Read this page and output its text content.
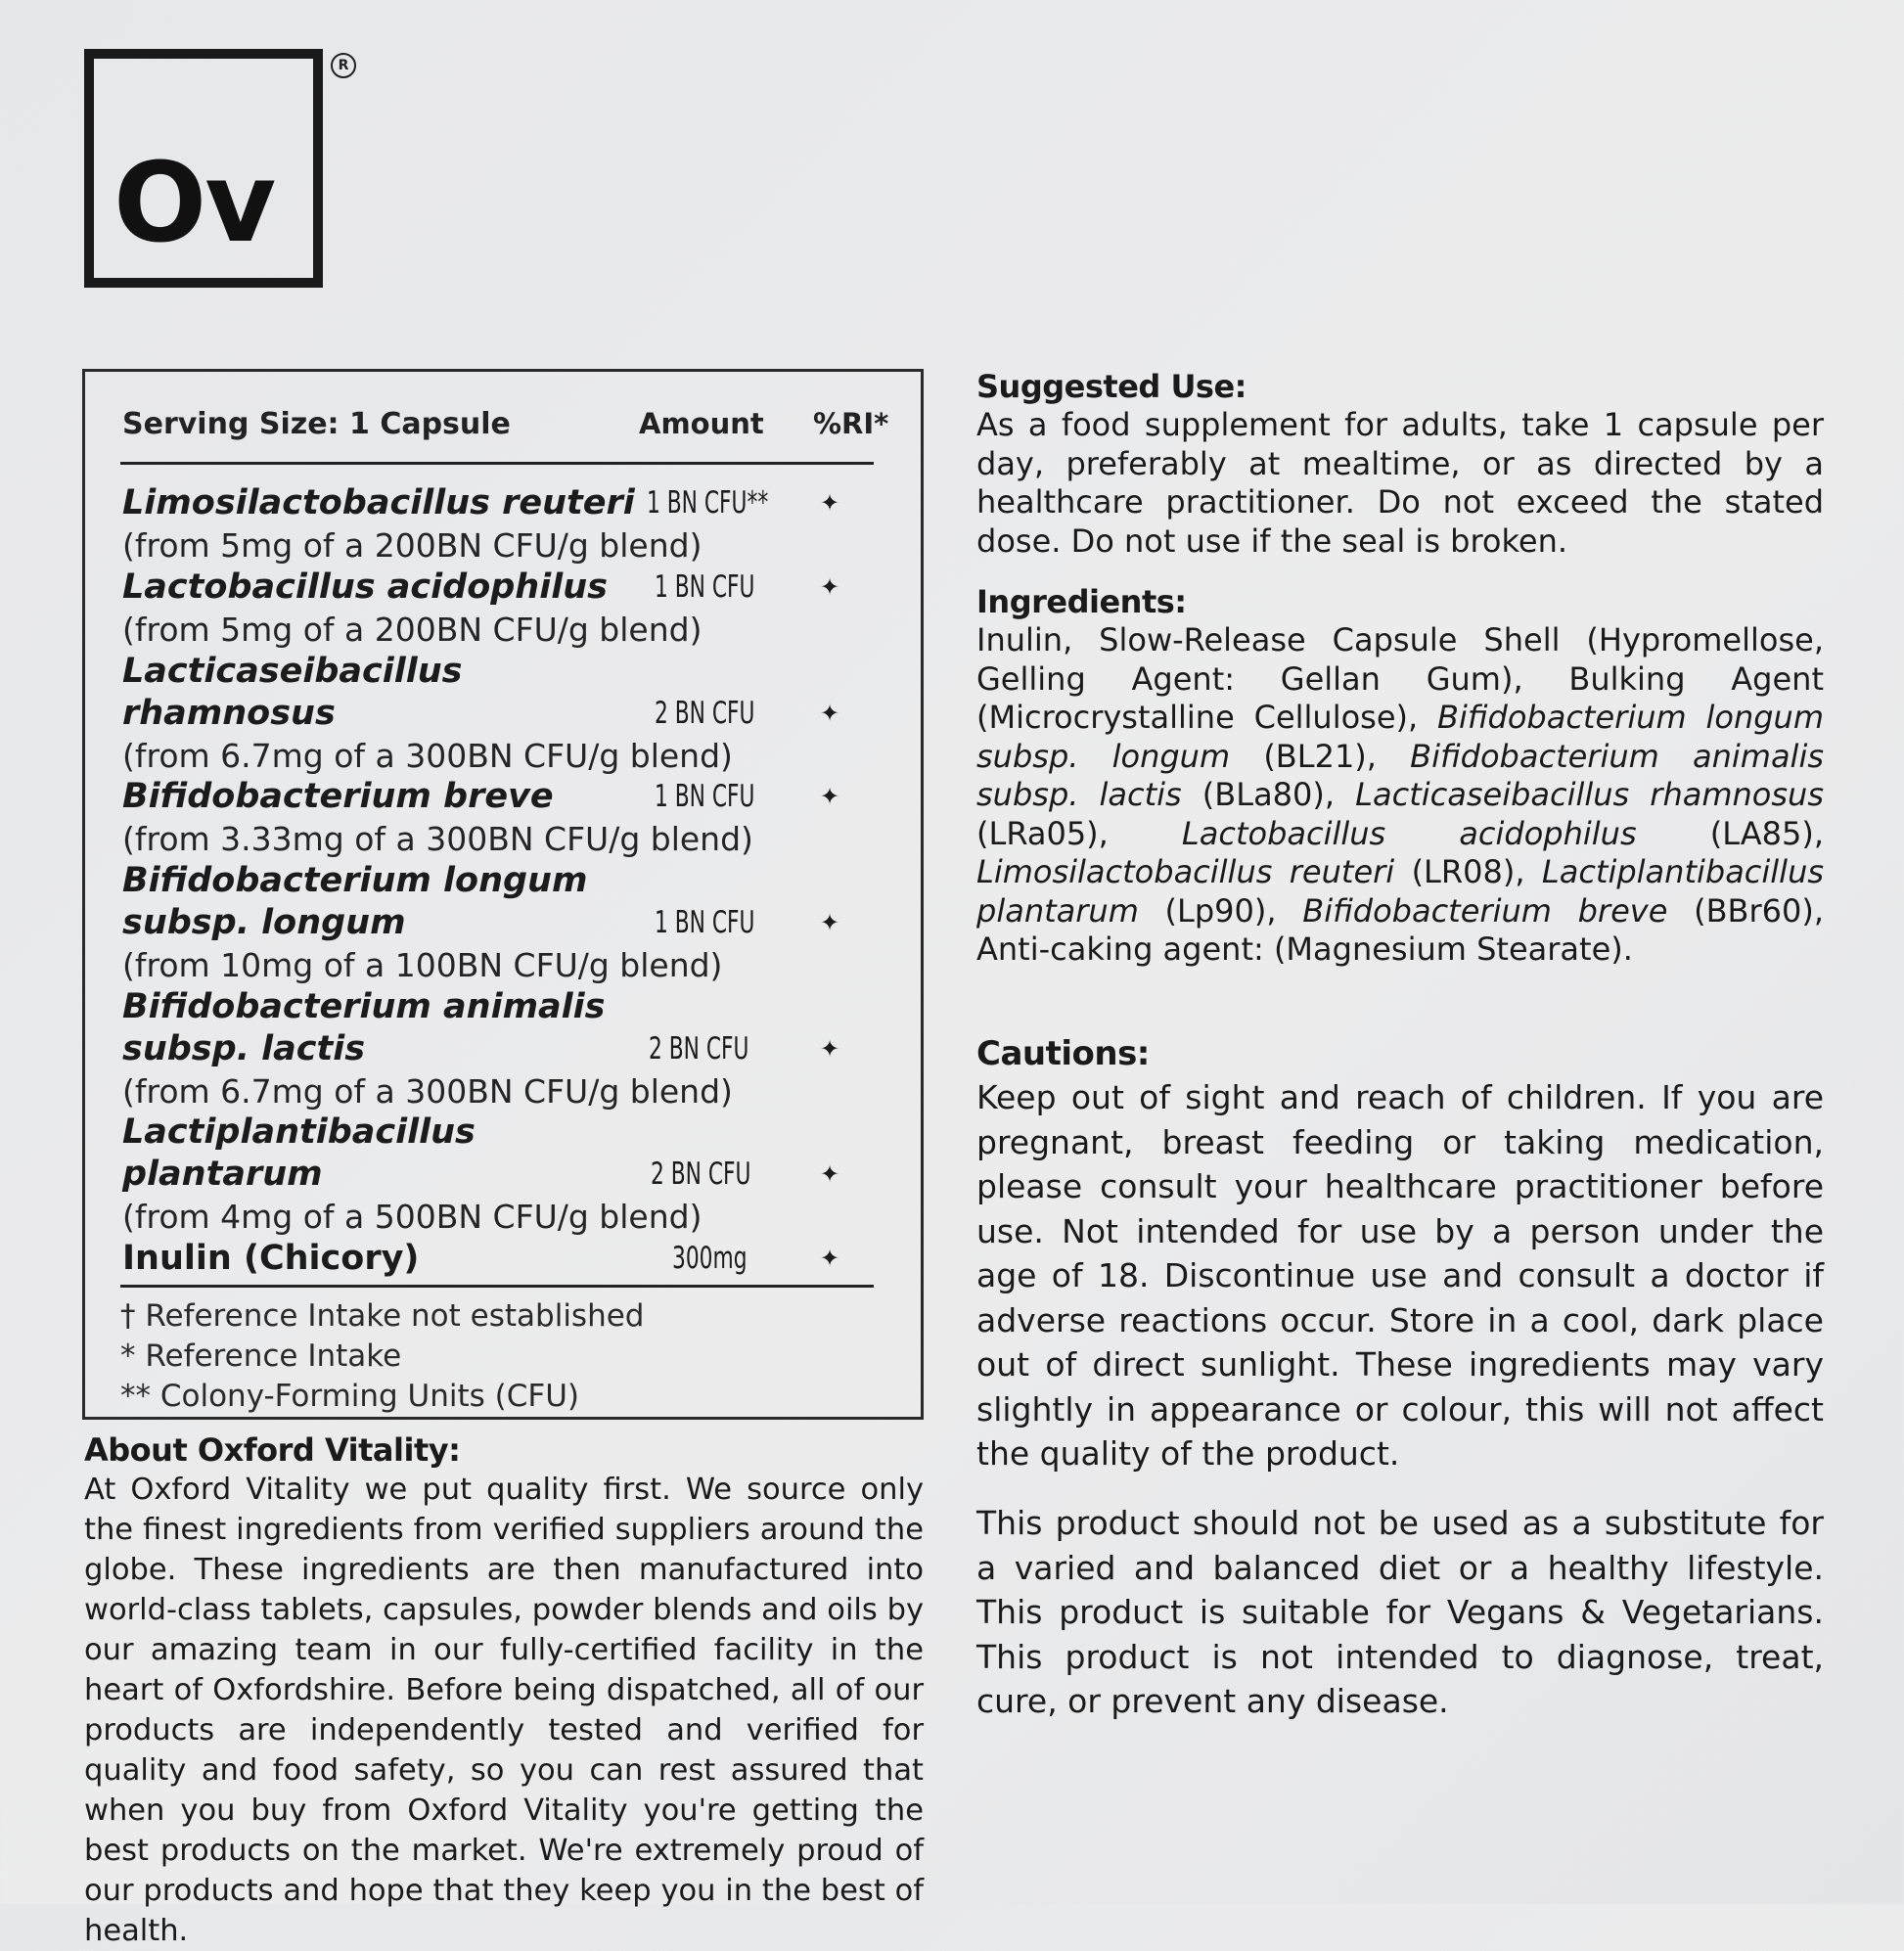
Ov
R
Serving Size: 1 Capsule	Amount %RI*
Limosilactobacillus reuteri
(from 5mg of a 200BN CFU/g blend)
1 BN CFU** ✦
Lactobacillus acidophilus
(from 5mg of a 200BN CFU/g blend)
1 BN CFU	✦
Lacticaseibacillus
rhamnosus
(from 6.7mg of a 300BN CFU/g blend)
2 BN CFU	✦
Bifidobacterium breve
(from 3.33mg of a 300BN CFU/g blend)
1 BN CFU	✦
Bifidobacterium longum
subsp. longum
(from 10mg of a 100BN CFU/g blend)
1 BN CFU	✦
Bifidobacterium animalis
subsp. lactis
(from 6.7mg of a 300BN CFU/g blend)
2 BN CFU	✦
Lactiplantibacillus
plantarum
(from 4mg of a 500BN CFU/g blend)
2 BN CFU	✦
Inulin (Chicory)	300mg	✦
† Reference Intake not established
* Reference Intake
** Colony-Forming Units (CFU)
About Oxford Vitality:
At Oxford Vitality we put quality first. We source only the finest ingredients from verified suppliers around the globe. These ingredients are then manufactured into world-class tablets, capsules, powder blends and oils by our amazing team in our fully-certified facility in the heart of Oxfordshire. Before being dispatched, all of our products are independently tested and verified for quality and food safety, so you can rest assured that when you buy from Oxford Vitality you're getting the best products on the market. We're extremely proud of our products and hope that they keep you in the best of health.
Suggested Use:
As a food supplement for adults, take 1 capsule per day, preferably at mealtime, or as directed by a healthcare practitioner. Do not exceed the stated dose. Do not use if the seal is broken.
Ingredients:
Inulin, Slow-Release Capsule Shell (Hypromellose, Gelling Agent: Gellan Gum), Bulking Agent (Microcrystalline Cellulose), Bifidobacterium longum subsp. longum (BL21), Bifidobacterium animalis subsp. lactis (BLa80), Lacticaseibacillus rhamnosus (LRa05), Lactobacillus acidophilus (LA85), Limosilactobacillus reuteri (LR08), Lactiplantibacillus plantarum (Lp90), Bifidobacterium breve (BBr60), Anti-caking agent: (Magnesium Stearate).
Cautions:
Keep out of sight and reach of children. If you are pregnant, breast feeding or taking medication, please consult your healthcare practitioner before use. Not intended for use by a person under the age of 18. Discontinue use and consult a doctor if adverse reactions occur. Store in a cool, dark place out of direct sunlight. These ingredients may vary slightly in appearance or colour, this will not affect the quality of the product.
This product should not be used as a substitute for a varied and balanced diet or a healthy lifestyle. This product is suitable for Vegans & Vegetarians. This product is not intended to diagnose, treat, cure, or prevent any disease.
